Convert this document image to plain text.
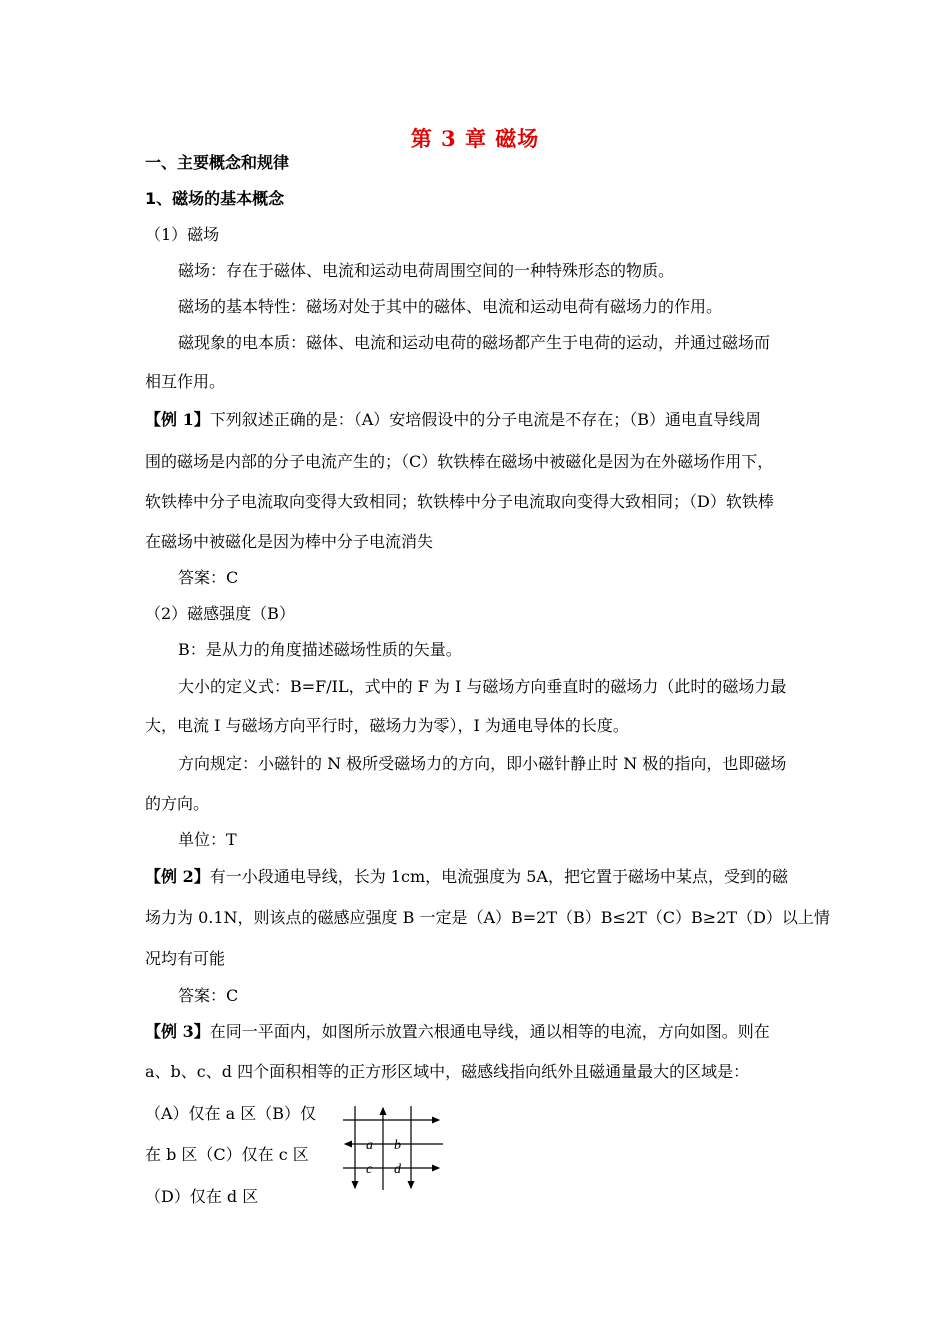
第 3 章 磁场
一、主要概念和规律
1、磁场的基本概念
（1）磁场
磁场：存在于磁体、电流和运动电荷周围空间的一种特殊形态的物质。
磁场的基本特性：磁场对处于其中的磁体、电流和运动电荷有磁场力的作用。
磁现象的电本质：磁体、电流和运动电荷的磁场都产生于电荷的运动，并通过磁场而
相互作用。
【例 1】下列叙述正确的是：（A）安培假设中的分子电流是不存在；（B）通电直导线周
围的磁场是内部的分子电流产生的；（C）软铁棒在磁场中被磁化是因为在外磁场作用下，
软铁棒中分子电流取向变得大致相同；软铁棒中分子电流取向变得大致相同；（D）软铁棒
在磁场中被磁化是因为棒中分子电流消失
答案：C
（2）磁感强度（B）
B：是从力的角度描述磁场性质的矢量。
大小的定义式：B=F/IL，式中的 F 为 I 与磁场方向垂直时的磁场力（此时的磁场力最
大，电流 I 与磁场方向平行时，磁场力为零），I 为通电导体的长度。
方向规定：小磁针的 N 极所受磁场力的方向，即小磁针静止时 N 极的指向，也即磁场
的方向。
单位：T
【例 2】有一小段通电导线，长为 1cm，电流强度为 5A，把它置于磁场中某点，受到的磁
场力为 0.1N，则该点的磁感应强度 B 一定是（A）B=2T（B）B≤2T（C）B≥2T（D）以上情
况均有可能
答案：C
【例 3】在同一平面内，如图所示放置六根通电导线，通以相等的电流，方向如图。则在
a、b、c、d 四个面积相等的正方形区域中，磁感线指向纸外且磁通量最大的区域是：
（A）仅在 a 区（B）仅
在 b 区（C）仅在 c 区
（D）仅在 d 区
a b
c d
